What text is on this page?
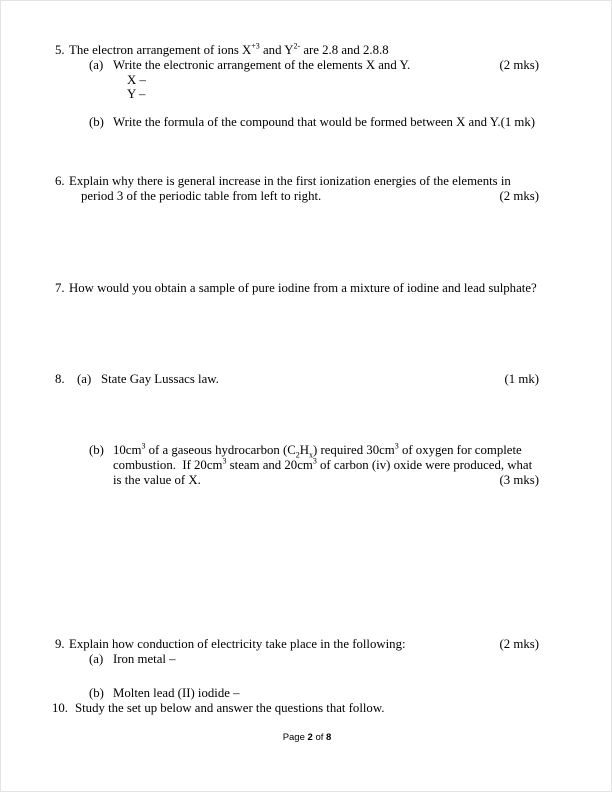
5. The electron arrangement of ions $X^{+3}$ and $Y^{2-}$ are 2.8 and 2.8.8
(a) Write the electronic arrangement of the elements X and Y.	(2 mks)
X –
Y –
(b) Write the formula of the compound that would be formed between X and Y.(1 mk)
6. Explain why there is general increase in the first ionization energies of the elements in
period 3 of the periodic table from left to right.	(2 mks)
7. How would you obtain a sample of pure iodine from a mixture of iodine and lead sulphate?
8. (a) State Gay Lussacs law.	(1 mk)
(b) $10cm^3$ of a gaseous hydrocarbon $(C_2H_x)$ required $30cm^3$ of oxygen for complete
combustion.  If $20cm^3$ steam and $20cm^3$ of carbon (iv) oxide were produced, what
is the value of X.	(3 mks)
9. Explain how conduction of electricity take place in the following:	(2 mks)
(a) Iron metal –
(b) Molten lead (II) iodide –
10. Study the set up below and answer the questions that follow.
Page 2 of 8
